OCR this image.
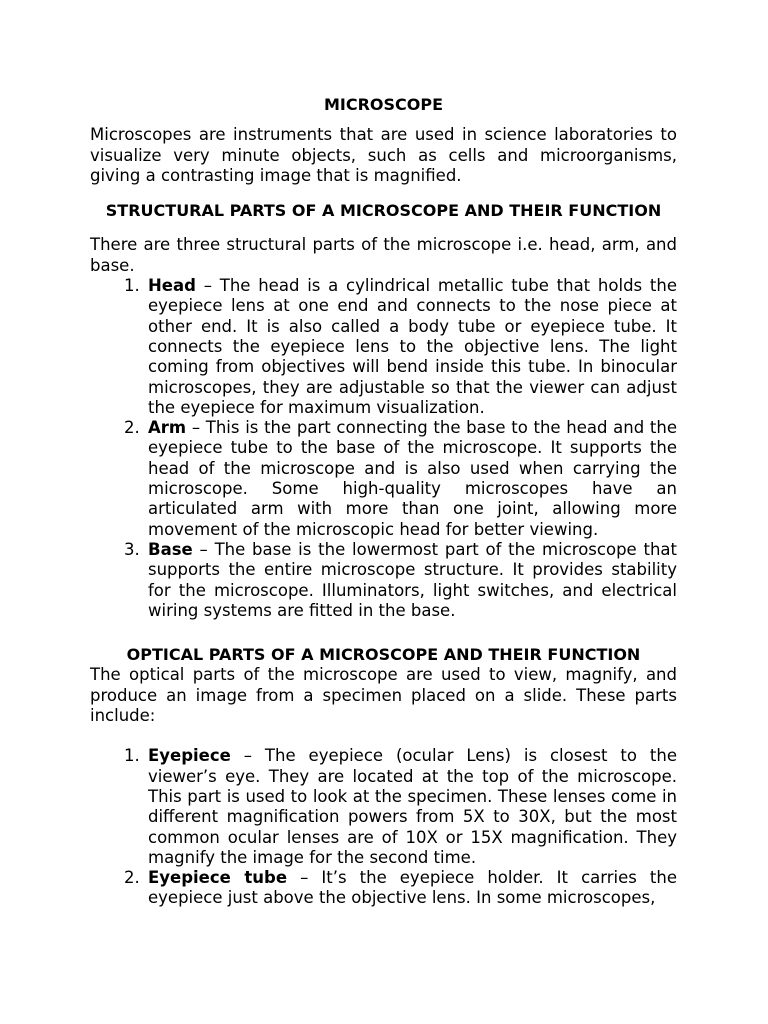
MICROSCOPE

Microscopes are instruments that are used in science laboratories to visualize very minute objects, such as cells and microorganisms, giving a contrasting image that is magnified.

STRUCTURAL PARTS OF A MICROSCOPE AND THEIR FUNCTION

There are three structural parts of the microscope i.e. head, arm, and base.

1. Head – The head is a cylindrical metallic tube that holds the eyepiece lens at one end and connects to the nose piece at other end. It is also called a body tube or eyepiece tube. It connects the eyepiece lens to the objective lens. The light coming from objectives will bend inside this tube. In binocular microscopes, they are adjustable so that the viewer can adjust the eyepiece for maximum visualization.
2. Arm – This is the part connecting the base to the head and the eyepiece tube to the base of the microscope. It supports the head of the microscope and is also used when carrying the microscope. Some high-quality microscopes have an articulated arm with more than one joint, allowing more movement of the microscopic head for better viewing.
3. Base – The base is the lowermost part of the microscope that supports the entire microscope structure. It provides stability for the microscope. Illuminators, light switches, and electrical wiring systems are fitted in the base.
OPTICAL PARTS OF A MICROSCOPE AND THEIR FUNCTION

The optical parts of the microscope are used to view, magnify, and produce an image from a specimen placed on a slide. These parts include:

1. Eyepiece – The eyepiece (ocular Lens) is closest to the viewer’s eye. They are located at the top of the microscope. This part is used to look at the specimen. These lenses come in different magnification powers from 5X to 30X, but the most common ocular lenses are of 10X or 15X magnification. They magnify the image for the second time.
2. Eyepiece tube – It’s the eyepiece holder. It carries the eyepiece just above the objective lens. In some microscopes,
